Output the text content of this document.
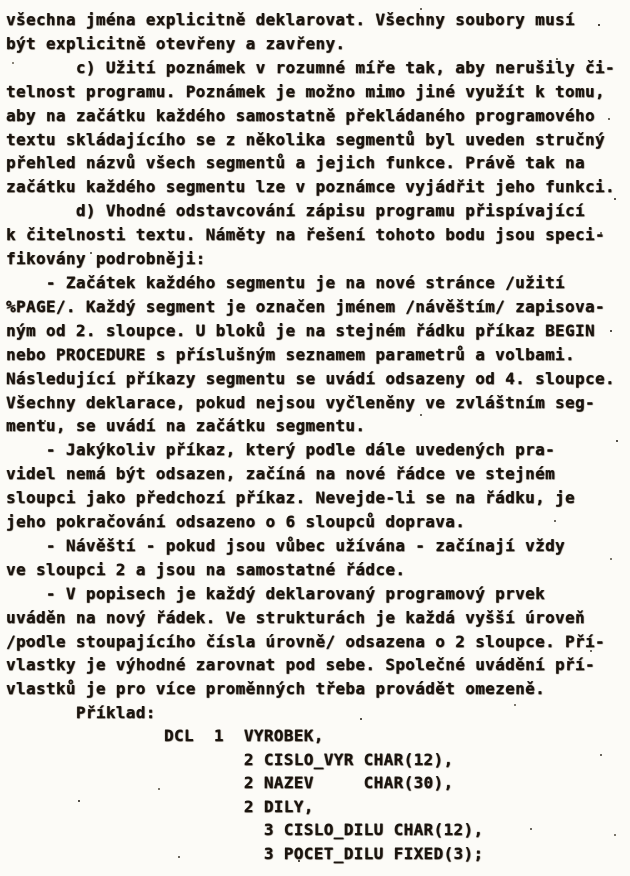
všechna jména explicitně deklarovat. Všechny soubory musí
být explicitně otevřeny a zavřeny.
c) Užití poznámek v rozumné míře tak, aby nerušily či-
telnost programu. Poznámek je možno mimo jiné využít k tomu,
aby na začátku každého samostatně překládaného programového
textu skládajícího se z několika segmentů byl uveden stručný
přehled názvů všech segmentů a jejich funkce. Právě tak na
začátku každého segmentu lze v poznámce vyjádřit jeho funkci.
d) Vhodné odstavcování zápisu programu přispívající
k čitelnosti textu. Náměty na řešení tohoto bodu jsou speci-
fikovány podrobněji:
- Začátek každého segmentu je na nové stránce /užití
%PAGE/. Každý segment je označen jménem /návěštím/ zapisova-
ným od 2. sloupce. U bloků je na stejném řádku příkaz BEGIN
nebo PROCEDURE s příslušným seznamem parametrů a volbami.
Následující příkazy segmentu se uvádí odsazeny od 4. sloupce.
Všechny deklarace, pokud nejsou vyčleněny ve zvláštním seg-
mentu, se uvádí na začátku segmentu.
- Jakýkoliv příkaz, který podle dále uvedených pra-
videl nemá být odsazen, začíná na nové řádce ve stejném
sloupci jako předchozí příkaz. Nevejde-li se na řádku, je
jeho pokračování odsazeno o 6 sloupců doprava.
- Návěští - pokud jsou vůbec užívána - začínají vždy
ve sloupci 2 a jsou na samostatné řádce.
- V popisech je každý deklarovaný programový prvek
uváděn na nový řádek. Ve strukturách je každá vyšší úroveň
/podle stoupajícího čísla úrovně/ odsazena o 2 sloupce. Pří-
vlastky je výhodné zarovnat pod sebe. Společné uvádění pří-
vlastků je pro více proměnných třeba provádět omezeně.
Příklad:
DCL  1  VYROBEK,
2 CISLO_VYR CHAR(12),
2 NAZEV     CHAR(30),
2 DILY,
3 CISLO_DILU CHAR(12),
3 POCET_DILU FIXED(3);
